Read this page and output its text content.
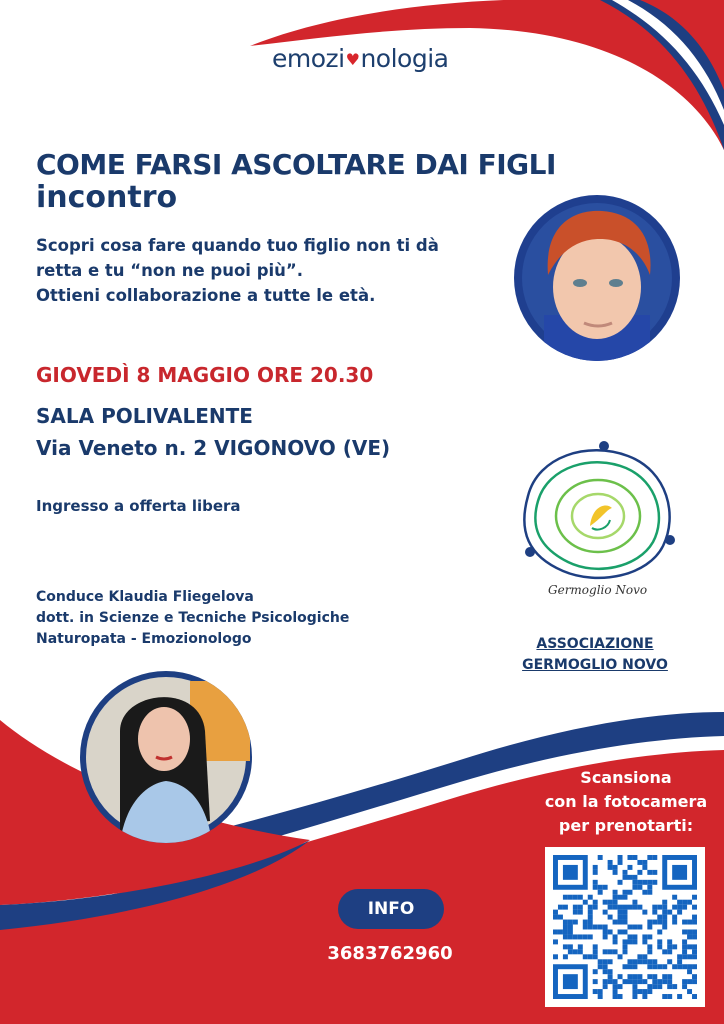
emozi♥nologia
COME FARSI ASCOLTARE DAI FIGLI
incontro
Scopri cosa fare quando tuo figlio non ti dà
retta e tu “non ne puoi più”.
Ottieni collaborazione a tutte le età.
GIOVEDÌ 8 MAGGIO ORE 20.30
SALA POLIVALENTE
Via Veneto n. 2 VIGONOVO (VE)
Ingresso a offerta libera
Conduce Klaudia Fliegelova
dott. in Scienze e Tecniche Psicologiche
Naturopata - Emozionologo
Germoglio Novo
ASSOCIAZIONE
GERMOGLIO NOVO
Scansiona
con la fotocamera
per prenotarti:
INFO
3683762960
